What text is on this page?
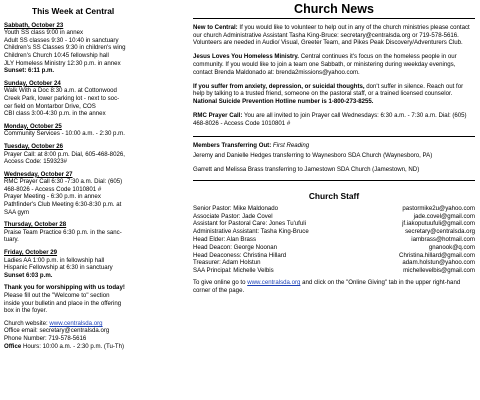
This Week at Central
Sabbath, October 23
Youth SS class 9:00 in annex
Adult SS classes 9:30 - 10:40 in sanctuary
Children's SS Classes 9:30 in children's wing
Children's Church 10:45 fellowship hall
JLY Homeless Ministry 12:30 p.m. in annex
Sunset: 6:11 p.m.
Sunday, October 24
Walk With a Doc 8:30 a.m. at Cottonwood
Creek Park, lower parking lot - next to soc-
cer field on Montarbor Drive, COS
CBI class 3:00-4:30 p.m. in the annex
Monday, October 25
Community Services - 10:00 a.m. - 2:30 p.m.
Tuesday, October 26
Prayer Call: at 8:00 p.m. Dial, 605-468-8026,
Access Code: 159323#
Wednesday, October 27
RMC Prayer Call 6:30 -7:30 a.m. Dial: (605)
468-8026 - Access Code 1010801 #
Prayer Meeting - 6:30 p.m. in annex
Pathfinder's Club Meeting 6:30-8:30 p.m. at
SAA gym
Thursday, October 28
Praise Team Practice 6:30 p.m. in the sanc-
tuary.
Friday, October 29
Ladies AA 1:00 p.m. in fellowship hall
Hispanic Fellowship at 6:30 in sanctuary
Sunset 6:03 p.m.
Thank you for worshipping with us today!
Please fill out the "Welcome to" section
inside your bulletin and place in the offering
box in the foyer.
Church website: www.centralsda.org
Office email: secretary@centralsda.org
Phone Number: 719-578-5616
Office Hours: 10:00 a.m. - 2:30 p.m. (Tu-Th)
Church News

New to Central: If you would like to volunteer to help out in any of the church ministries please contact our church Administrative Assistant Tasha King-Bruce: secretary@centralsda.org or 719-578-5616. Volunteers are needed in Audio/ Visual, Greeter Team, and Pikes Peak Discovery/Adventurers Club.

Jesus Loves You Homeless Ministry. Central continues it's focus on the homeless people in our community. If you would like to join a team one Sabbath, or ministering during weekday evenings, contact Brenda Maldonado at: brenda2missions@yahoo.com.

If you suffer from anxiety, depression, or suicidal thoughts, don't suffer in silence. Reach out for help by talking to a trusted friend, someone on the pastoral staff, or a trained licensed counselor. National Suicide Prevention Hotline number is 1-800-273-8255.

RMC Prayer Call: You are all invited to join Prayer call Wednesdays: 6:30 a.m. - 7:30 a.m. Dial: (605) 468-8026 - Access Code 1010801 #

Members Transferring Out: First Reading

Jeremy and Danielle Hedges transferring to Waynesboro SDA Church (Waynesboro, PA)

Garrett and Melissa Brass transferring to Jamestown SDA Church (Jamestown, ND)

Church Staff
Senior Pastor: Mike Maldonado	pastormike2u@yahoo.com
Associate Pastor: Jade Covel	jade.covel@gmail.com
Assistant for Pastoral Care: Jones Tu'ufuli	jf.iakoputuufuli@gmail.com
Administrative Assistant: Tasha King-Bruce	secretary@centralsda.org
Head Elder: Alan Brass	iambrass@hotmail.com
Head Deacon: George Noonan	gnanook@q.com
Head Deaconess: Christina Hillard	Christina.hillard@gmail.com
Treasurer: Adam Holstun	adam.holstun@yahoo.com
SAA Principal: Michelle Velbis	michellevelbis@gmail.com

To give online go to www.centralsda.org and click on the "Online Giving" tab in the upper right-hand corner of the page.
